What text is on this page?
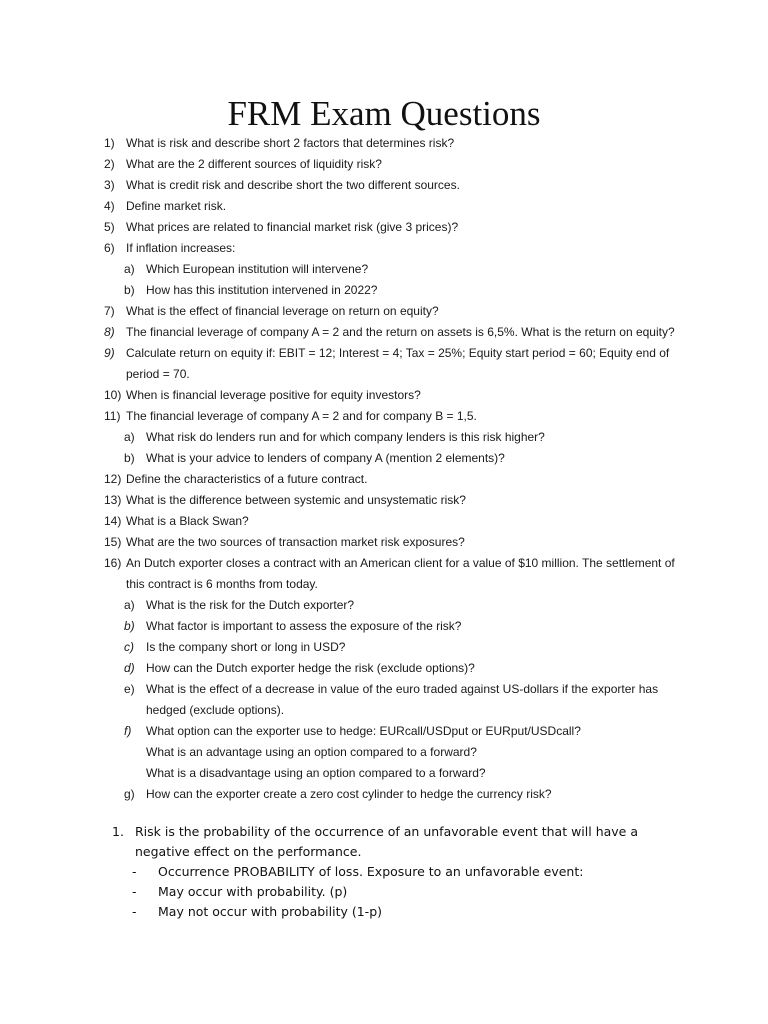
FRM Exam Questions
1) What is risk and describe short 2 factors that determines risk?
2) What are the 2 different sources of liquidity risk?
3) What is credit risk and describe short the two different sources.
4) Define market risk.
5) What prices are related to financial market risk (give 3 prices)?
6) If inflation increases:
a) Which European institution will intervene?
b) How has this institution intervened in 2022?
7) What is the effect of financial leverage on return on equity?
8) The financial leverage of company A = 2 and the return on assets is 6,5%. What is the return on equity?
9) Calculate return on equity if: EBIT = 12; Interest = 4; Tax = 25%; Equity start period = 60; Equity end of
period = 70.
10) When is financial leverage positive for equity investors?
11) The financial leverage of company A = 2 and for company B = 1,5.
a) What risk do lenders run and for which company lenders is this risk higher?
b) What is your advice to lenders of company A (mention 2 elements)?
12) Define the characteristics of a future contract.
13) What is the difference between systemic and unsystematic risk?
14) What is a Black Swan?
15) What are the two sources of transaction market risk exposures?
16) An Dutch exporter closes a contract with an American client for a value of $10 million. The settlement of
this contract is 6 months from today.
a) What is the risk for the Dutch exporter?
b) What factor is important to assess the exposure of the risk?
c)	Is the company short or long in USD?
d) How can the Dutch exporter hedge the risk (exclude options)?
e) What is the effect of a decrease in value of the euro traded against US-dollars if the exporter has
hedged (exclude options).
f)	What option can the exporter use to hedge: EURcall/USDput or EURput/USDcall?
What is an advantage using an option compared to a forward?
What is a disadvantage using an option compared to a forward?
g) How can the exporter create a zero cost cylinder to hedge the currency risk?
1. Risk is the probability of the occurrence of an unfavorable event that will have a
negative effect on the performance.
-	Occurrence PROBABILITY of loss. Exposure to an unfavorable event:
-	May occur with probability. (p)
-	May not occur with probability (1-p)
